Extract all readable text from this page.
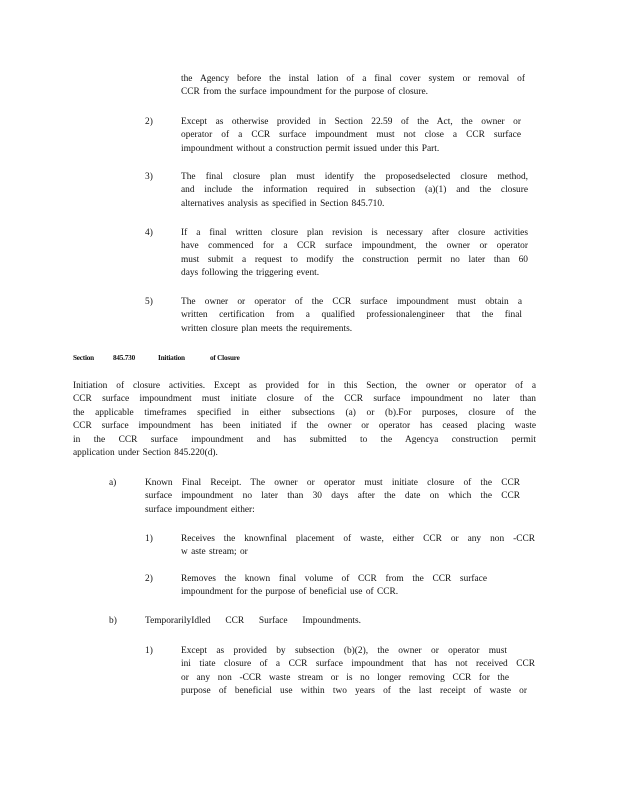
the Agency before the instal lation of a final cover system or removal of
CCR from the surface impoundment for the purpose of closure.
2)	Except as otherwise provided in Section 22.59 of the Act, the owner or
operator of a CCR surface impoundment must not close a CCR surface
impoundment without a construction permit issued under this Part.
3)	The final closure plan must identify the proposedselected closure method,
and include the information required in subsection (a)(1) and the closure
alternatives analysis as specified in Section 845.710.
4)	If a final written closure plan revision is necessary after closure activities
have commenced for a CCR surface impoundment, the owner or operator
must submit a request to modify the construction permit no later than 60
days following the triggering event.
5)	The owner or operator of the CCR surface impoundment must obtain a
written certification from a qualified professionalengineer that the final
written closure plan meets the requirements.
Section	845.730	Initiation	of Closure
Initiation of closure activities. Except as provided for in this Section, the owner or operator of a
CCR surface impoundment must initiate closure of the CCR surface impoundment no later than
the applicable timeframes specified in either subsections (a) or (b).For purposes, closure of the
CCR surface impoundment has been initiated if the owner or operator has ceased placing waste
in the CCR surface impoundment and has submitted to the Agencya construction permit
application under Section 845.220(d).
a)	Known Final Receipt. The owner or operator must initiate closure of the CCR
surface impoundment no later than 30 days after the date on which the CCR
surface impoundment either:
1)	Receives the knownfinal placement of waste, either CCR or any non -CCR
w aste stream; or
2)	Removes the known final volume of CCR from the CCR surface
impoundment for the purpose of beneficial use of CCR.
b)	TemporarilyIdled CCR Surface Impoundments.
1)	Except as provided by subsection (b)(2), the owner or operator must
ini tiate closure of a CCR surface impoundment that has not received CCR
or any non -CCR waste stream or is no longer removing CCR for the
purpose of beneficial use within two years of the last receipt of waste or
